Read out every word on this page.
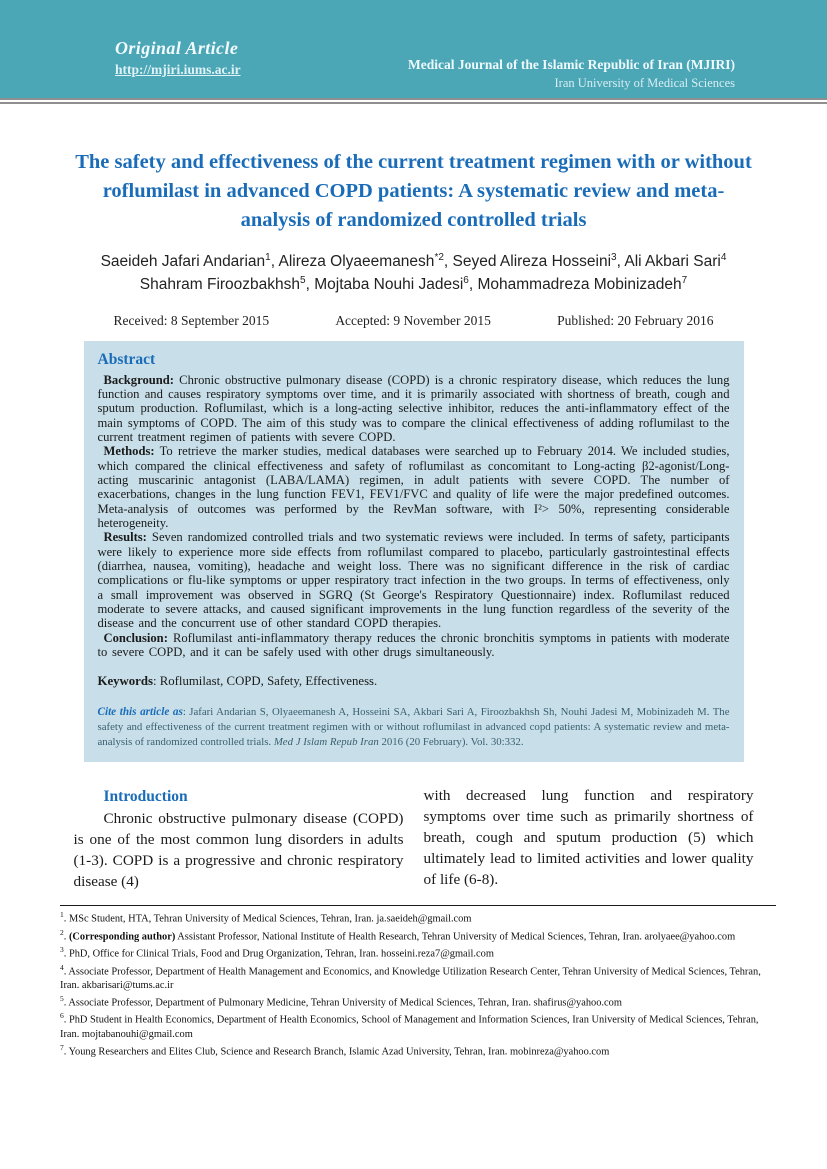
Original Article
http://mjiri.iums.ac.ir	Medical Journal of the Islamic Republic of Iran (MJIRI)
Iran University of Medical Sciences
The safety and effectiveness of the current treatment regimen with or without roflumilast in advanced COPD patients: A systematic review and meta-analysis of randomized controlled trials
Saeideh Jafari Andarian$^1$, Alireza Olyaeemanesh$^{*2}$, Seyed Alireza Hosseini$^3$, Ali Akbari Sari$^4$
Shahram Firoozbakhsh$^5$, Mojtaba Nouhi Jadesi$^6$, Mohammadreza Mobinizadeh$^7$
Received: 8 September 2015	Accepted: 9 November 2015	Published: 20 February 2016
Abstract

Background: Chronic obstructive pulmonary disease (COPD) is a chronic respiratory disease, which reduces the lung function and causes respiratory symptoms over time, and it is primarily associated with shortness of breath, cough and sputum production. Roflumilast, which is a long-acting selective inhibitor, reduces the anti-inflammatory effect of the main symptoms of COPD. The aim of this study was to compare the clinical effectiveness of adding roflumilast to the current treatment regimen of patients with severe COPD.

Methods: To retrieve the marker studies, medical databases were searched up to February 2014. We included studies, which compared the clinical effectiveness and safety of roflumilast as concomitant to Long-acting β2-agonist/Long-acting muscarinic antagonist (LABA/LAMA) regimen, in adult patients with severe COPD. The number of exacerbations, changes in the lung function FEV1, FEV1/FVC and quality of life were the major predefined outcomes. Meta-analysis of outcomes was performed by the RevMan software, with I²> 50%, representing considerable heterogeneity.

Results: Seven randomized controlled trials and two systematic reviews were included. In terms of safety, participants were likely to experience more side effects from roflumilast compared to placebo, particularly gastrointestinal effects (diarrhea, nausea, vomiting), headache and weight loss. There was no significant difference in the risk of cardiac complications or flu-like symptoms or upper respiratory tract infection in the two groups. In terms of effectiveness, only a small improvement was observed in SGRQ (St George's Respiratory Questionnaire) index. Roflumilast reduced moderate to severe attacks, and caused significant improvements in the lung function regardless of the severity of the disease and the concurrent use of other standard COPD therapies.

Conclusion: Roflumilast anti-inflammatory therapy reduces the chronic bronchitis symptoms in patients with moderate to severe COPD, and it can be safely used with other drugs simultaneously.

Keywords: Roflumilast, COPD, Safety, Effectiveness.

Cite this article as: Jafari Andarian S, Olyaeemanesh A, Hosseini SA, Akbari Sari A, Firoozbakhsh Sh, Nouhi Jadesi M, Mobinizadeh M. The safety and effectiveness of the current treatment regimen with or without roflumilast in advanced copd patients: A systematic review and meta-analysis of randomized controlled trials. Med J Islam Repub Iran 2016 (20 February). Vol. 30:332.

Introduction

Chronic obstructive pulmonary disease (COPD) is one of the most common lung disorders in adults (1-3). COPD is a progressive and chronic respiratory disease (4)

with decreased lung function and respiratory symptoms over time such as primarily shortness of breath, cough and sputum production (5) which ultimately lead to limited activities and lower quality of life (6-8).

$^1$. MSc Student, HTA, Tehran University of Medical Sciences, Tehran, Iran. ja.saeideh@gmail.com
$^2$. (Corresponding author) Assistant Professor, National Institute of Health Research, Tehran University of Medical Sciences, Tehran, Iran. arolyaee@yahoo.com
$^3$. PhD, Office for Clinical Trials, Food and Drug Organization, Tehran, Iran. hosseini.reza7@gmail.com
$^4$. Associate Professor, Department of Health Management and Economics, and Knowledge Utilization Research Center, Tehran University of Medical Sciences, Tehran, Iran. akbarisari@tums.ac.ir
$^5$. Associate Professor, Department of Pulmonary Medicine, Tehran University of Medical Sciences, Tehran, Iran. shafirus@yahoo.com
$^6$. PhD Student in Health Economics, Department of Health Economics, School of Management and Information Sciences, Iran University of Medical Sciences, Tehran, Iran. mojtabanouhi@gmail.com
$^7$. Young Researchers and Elites Club, Science and Research Branch, Islamic Azad University, Tehran, Iran. mobinreza@yahoo.com
